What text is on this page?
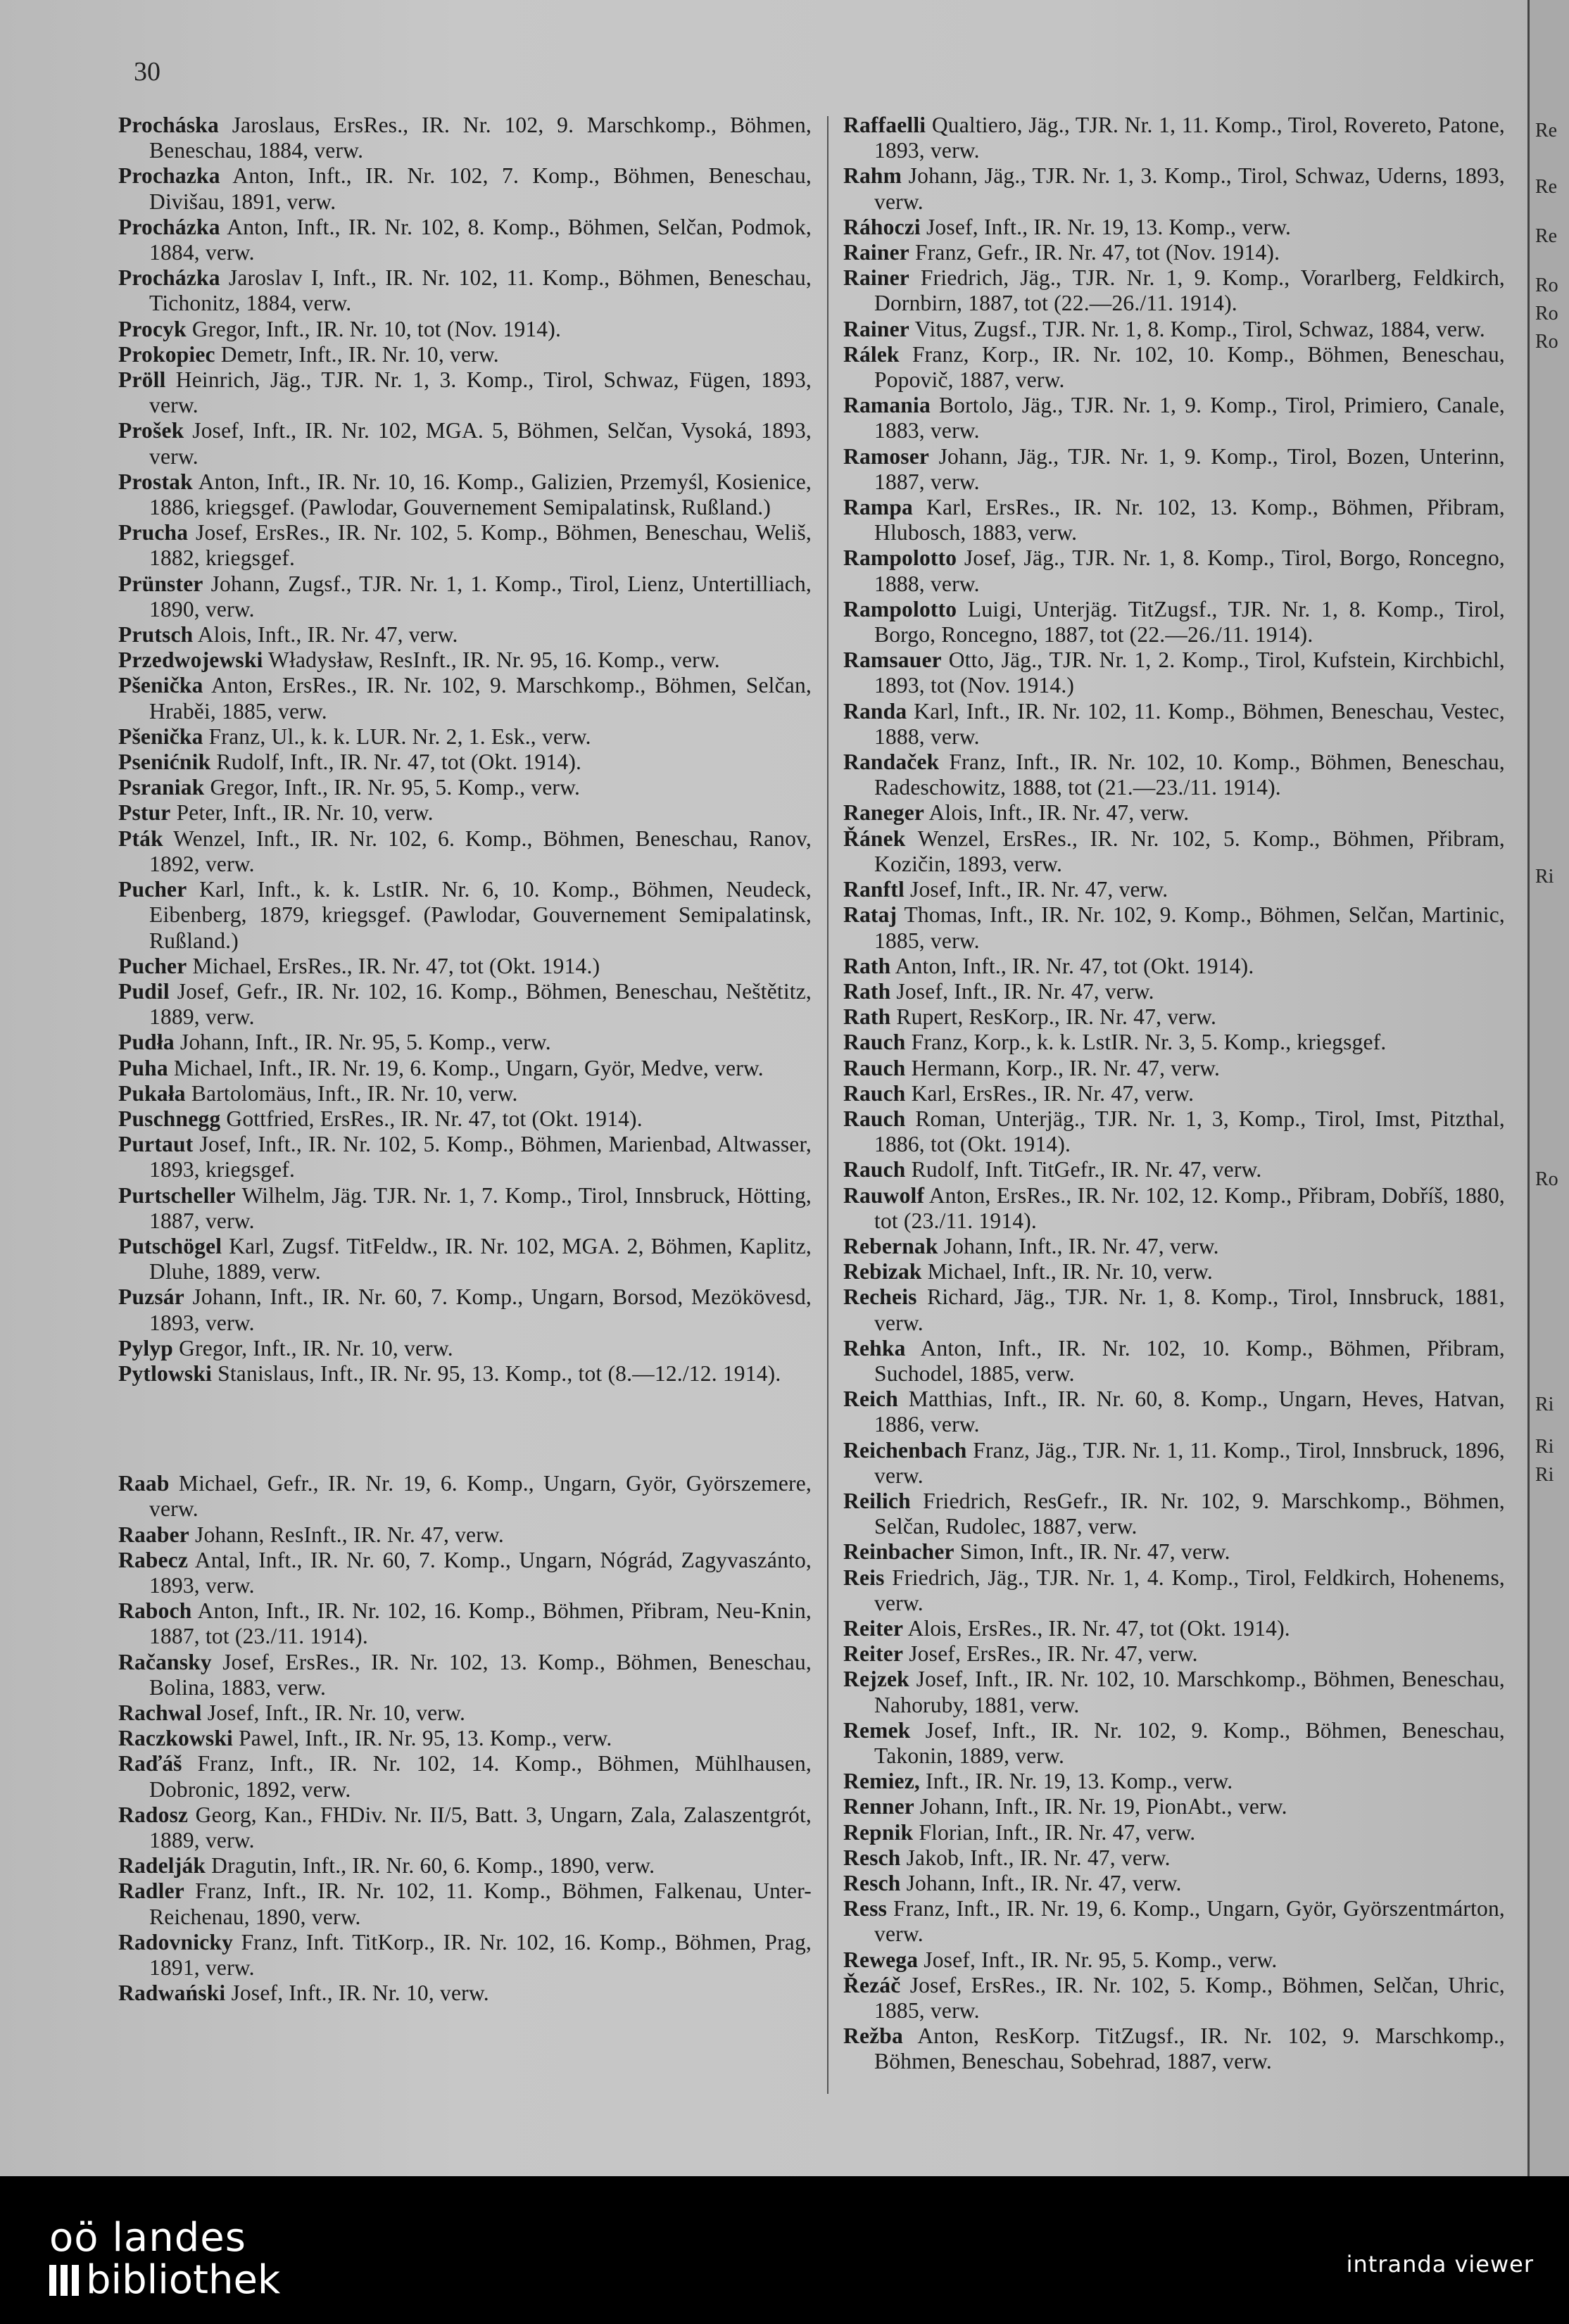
30

Procháska Jaroslaus, ErsRes., IR. Nr. 102, 9. Marschkomp., Böhmen, Beneschau, 1884, verw.

Prochazka Anton, Inft., IR. Nr. 102, 7. Komp., Böhmen, Beneschau, Divišau, 1891, verw.

Procházka Anton, Inft., IR. Nr. 102, 8. Komp., Böhmen, Selčan, Podmok, 1884, verw.

Procházka Jaroslav I, Inft., IR. Nr. 102, 11. Komp., Böhmen, Beneschau, Tichonitz, 1884, verw.

Procyk Gregor, Inft., IR. Nr. 10, tot (Nov. 1914).

Prokopiec Demetr, Inft., IR. Nr. 10, verw.

Pröll Heinrich, Jäg., TJR. Nr. 1, 3. Komp., Tirol, Schwaz, Fügen, 1893, verw.

Prošek Josef, Inft., IR. Nr. 102, MGA. 5, Böhmen, Selčan, Vysoká, 1893, verw.

Prostak Anton, Inft., IR. Nr. 10, 16. Komp., Galizien, Przemyśl, Kosienice, 1886, kriegsgef. (Pawlodar, Gouvernement Semipalatinsk, Rußland.)

Prucha Josef, ErsRes., IR. Nr. 102, 5. Komp., Böhmen, Beneschau, Weliš, 1882, kriegsgef.

Prünster Johann, Zugsf., TJR. Nr. 1, 1. Komp., Tirol, Lienz, Untertilliach, 1890, verw.

Prutsch Alois, Inft., IR. Nr. 47, verw.

Przedwojewski Władysław, ResInft., IR. Nr. 95, 16. Komp., verw.

Pšenička Anton, ErsRes., IR. Nr. 102, 9. Marschkomp., Böhmen, Selčan, Hraběi, 1885, verw.

Pšenička Franz, Ul., k. k. LUR. Nr. 2, 1. Esk., verw.

Psenićnik Rudolf, Inft., IR. Nr. 47, tot (Okt. 1914).

Psraniak Gregor, Inft., IR. Nr. 95, 5. Komp., verw.

Pstur Peter, Inft., IR. Nr. 10, verw.

Pták Wenzel, Inft., IR. Nr. 102, 6. Komp., Böhmen, Beneschau, Ranov, 1892, verw.

Pucher Karl, Inft., k. k. LstIR. Nr. 6, 10. Komp., Böhmen, Neudeck, Eibenberg, 1879, kriegsgef. (Pawlodar, Gouvernement Semipalatinsk, Rußland.)

Pucher Michael, ErsRes., IR. Nr. 47, tot (Okt. 1914.)

Pudil Josef, Gefr., IR. Nr. 102, 16. Komp., Böhmen, Beneschau, Neštětitz, 1889, verw.

Pudła Johann, Inft., IR. Nr. 95, 5. Komp., verw.

Puha Michael, Inft., IR. Nr. 19, 6. Komp., Ungarn, Györ, Medve, verw.

Pukała Bartolomäus, Inft., IR. Nr. 10, verw.

Puschnegg Gottfried, ErsRes., IR. Nr. 47, tot (Okt. 1914).

Purtaut Josef, Inft., IR. Nr. 102, 5. Komp., Böhmen, Marienbad, Altwasser, 1893, kriegsgef.

Purtscheller Wilhelm, Jäg. TJR. Nr. 1, 7. Komp., Tirol, Innsbruck, Hötting, 1887, verw.

Putschögel Karl, Zugsf. TitFeldw., IR. Nr. 102, MGA. 2, Böhmen, Kaplitz, Dluhe, 1889, verw.

Puzsár Johann, Inft., IR. Nr. 60, 7. Komp., Ungarn, Borsod, Mezökövesd, 1893, verw.

Pylyp Gregor, Inft., IR. Nr. 10, verw.

Pytlowski Stanislaus, Inft., IR. Nr. 95, 13. Komp., tot (8.—12./12. 1914).

Raab Michael, Gefr., IR. Nr. 19, 6. Komp., Ungarn, Györ, Györszemere, verw.

Raaber Johann, ResInft., IR. Nr. 47, verw.

Rabecz Antal, Inft., IR. Nr. 60, 7. Komp., Ungarn, Nógrád, Zagyvaszánto, 1893, verw.

Raboch Anton, Inft., IR. Nr. 102, 16. Komp., Böhmen, Přibram, Neu-Knin, 1887, tot (23./11. 1914).

Račansky Josef, ErsRes., IR. Nr. 102, 13. Komp., Böhmen, Beneschau, Bolina, 1883, verw.

Rachwal Josef, Inft., IR. Nr. 10, verw.

Raczkowski Pawel, Inft., IR. Nr. 95, 13. Komp., verw.

Raďáš Franz, Inft., IR. Nr. 102, 14. Komp., Böhmen, Mühlhausen, Dobronic, 1892, verw.

Radosz Georg, Kan., FHDiv. Nr. II/5, Batt. 3, Ungarn, Zala, Zalaszentgrót, 1889, verw.

Radelják Dragutin, Inft., IR. Nr. 60, 6. Komp., 1890, verw.

Radler Franz, Inft., IR. Nr. 102, 11. Komp., Böhmen, Falkenau, Unter-Reichenau, 1890, verw.

Radovnicky Franz, Inft. TitKorp., IR. Nr. 102, 16. Komp., Böhmen, Prag, 1891, verw.

Radwański Josef, Inft., IR. Nr. 10, verw.

Raffaelli Qualtiero, Jäg., TJR. Nr. 1, 11. Komp., Tirol, Rovereto, Patone, 1893, verw.

Rahm Johann, Jäg., TJR. Nr. 1, 3. Komp., Tirol, Schwaz, Uderns, 1893, verw.

Ráhoczi Josef, Inft., IR. Nr. 19, 13. Komp., verw.

Rainer Franz, Gefr., IR. Nr. 47, tot (Nov. 1914).

Rainer Friedrich, Jäg., TJR. Nr. 1, 9. Komp., Vorarlberg, Feldkirch, Dornbirn, 1887, tot (22.—26./11. 1914).

Rainer Vitus, Zugsf., TJR. Nr. 1, 8. Komp., Tirol, Schwaz, 1884, verw.

Rálek Franz, Korp., IR. Nr. 102, 10. Komp., Böhmen, Beneschau, Popovič, 1887, verw.

Ramania Bortolo, Jäg., TJR. Nr. 1, 9. Komp., Tirol, Primiero, Canale, 1883, verw.

Ramoser Johann, Jäg., TJR. Nr. 1, 9. Komp., Tirol, Bozen, Unterinn, 1887, verw.

Rampa Karl, ErsRes., IR. Nr. 102, 13. Komp., Böhmen, Přibram, Hlubosch, 1883, verw.

Rampolotto Josef, Jäg., TJR. Nr. 1, 8. Komp., Tirol, Borgo, Roncegno, 1888, verw.

Rampolotto Luigi, Unterjäg. TitZugsf., TJR. Nr. 1, 8. Komp., Tirol, Borgo, Roncegno, 1887, tot (22.—26./11. 1914).

Ramsauer Otto, Jäg., TJR. Nr. 1, 2. Komp., Tirol, Kufstein, Kirchbichl, 1893, tot (Nov. 1914.)

Randa Karl, Inft., IR. Nr. 102, 11. Komp., Böhmen, Beneschau, Vestec, 1888, verw.

Randaček Franz, Inft., IR. Nr. 102, 10. Komp., Böhmen, Beneschau, Radeschowitz, 1888, tot (21.—23./11. 1914).

Raneger Alois, Inft., IR. Nr. 47, verw.

Řánek Wenzel, ErsRes., IR. Nr. 102, 5. Komp., Böhmen, Přibram, Kozičin, 1893, verw.

Ranftl Josef, Inft., IR. Nr. 47, verw.

Rataj Thomas, Inft., IR. Nr. 102, 9. Komp., Böhmen, Selčan, Martinic, 1885, verw.

Rath Anton, Inft., IR. Nr. 47, tot (Okt. 1914).

Rath Josef, Inft., IR. Nr. 47, verw.

Rath Rupert, ResKorp., IR. Nr. 47, verw.

Rauch Franz, Korp., k. k. LstIR. Nr. 3, 5. Komp., kriegsgef.

Rauch Hermann, Korp., IR. Nr. 47, verw.

Rauch Karl, ErsRes., IR. Nr. 47, verw.

Rauch Roman, Unterjäg., TJR. Nr. 1, 3, Komp., Tirol, Imst, Pitzthal, 1886, tot (Okt. 1914).

Rauch Rudolf, Inft. TitGefr., IR. Nr. 47, verw.

Rauwolf Anton, ErsRes., IR. Nr. 102, 12. Komp., Přibram, Dobříš, 1880, tot (23./11. 1914).

Rebernak Johann, Inft., IR. Nr. 47, verw.

Rebizak Michael, Inft., IR. Nr. 10, verw.

Recheis Richard, Jäg., TJR. Nr. 1, 8. Komp., Tirol, Innsbruck, 1881, verw.

Rehka Anton, Inft., IR. Nr. 102, 10. Komp., Böhmen, Přibram, Suchodel, 1885, verw.

Reich Matthias, Inft., IR. Nr. 60, 8. Komp., Ungarn, Heves, Hatvan, 1886, verw.

Reichenbach Franz, Jäg., TJR. Nr. 1, 11. Komp., Tirol, Innsbruck, 1896, verw.

Reilich Friedrich, ResGefr., IR. Nr. 102, 9. Marschkomp., Böhmen, Selčan, Rudolec, 1887, verw.

Reinbacher Simon, Inft., IR. Nr. 47, verw.

Reis Friedrich, Jäg., TJR. Nr. 1, 4. Komp., Tirol, Feldkirch, Hohenems, verw.

Reiter Alois, ErsRes., IR. Nr. 47, tot (Okt. 1914).

Reiter Josef, ErsRes., IR. Nr. 47, verw.

Rejzek Josef, Inft., IR. Nr. 102, 10. Marschkomp., Böhmen, Beneschau, Nahoruby, 1881, verw.

Remek Josef, Inft., IR. Nr. 102, 9. Komp., Böhmen, Beneschau, Takonin, 1889, verw.

Remiez, Inft., IR. Nr. 19, 13. Komp., verw.

Renner Johann, Inft., IR. Nr. 19, PionAbt., verw.

Repnik Florian, Inft., IR. Nr. 47, verw.

Resch Jakob, Inft., IR. Nr. 47, verw.

Resch Johann, Inft., IR. Nr. 47, verw.

Ress Franz, Inft., IR. Nr. 19, 6. Komp., Ungarn, Györ, Györszentmárton, verw.

Rewega Josef, Inft., IR. Nr. 95, 5. Komp., verw.

Řezáč Josef, ErsRes., IR. Nr. 102, 5. Komp., Böhmen, Selčan, Uhric, 1885, verw.

Režba Anton, ResKorp. TitZugsf., IR. Nr. 102, 9. Marschkomp., Böhmen, Beneschau, Sobehrad, 1887, verw.

Re
Re
Re
Ro
Ro
Ro
Ri
Ro
Ri
Ri
Ri
oö landes
bibliothek	intranda viewer
